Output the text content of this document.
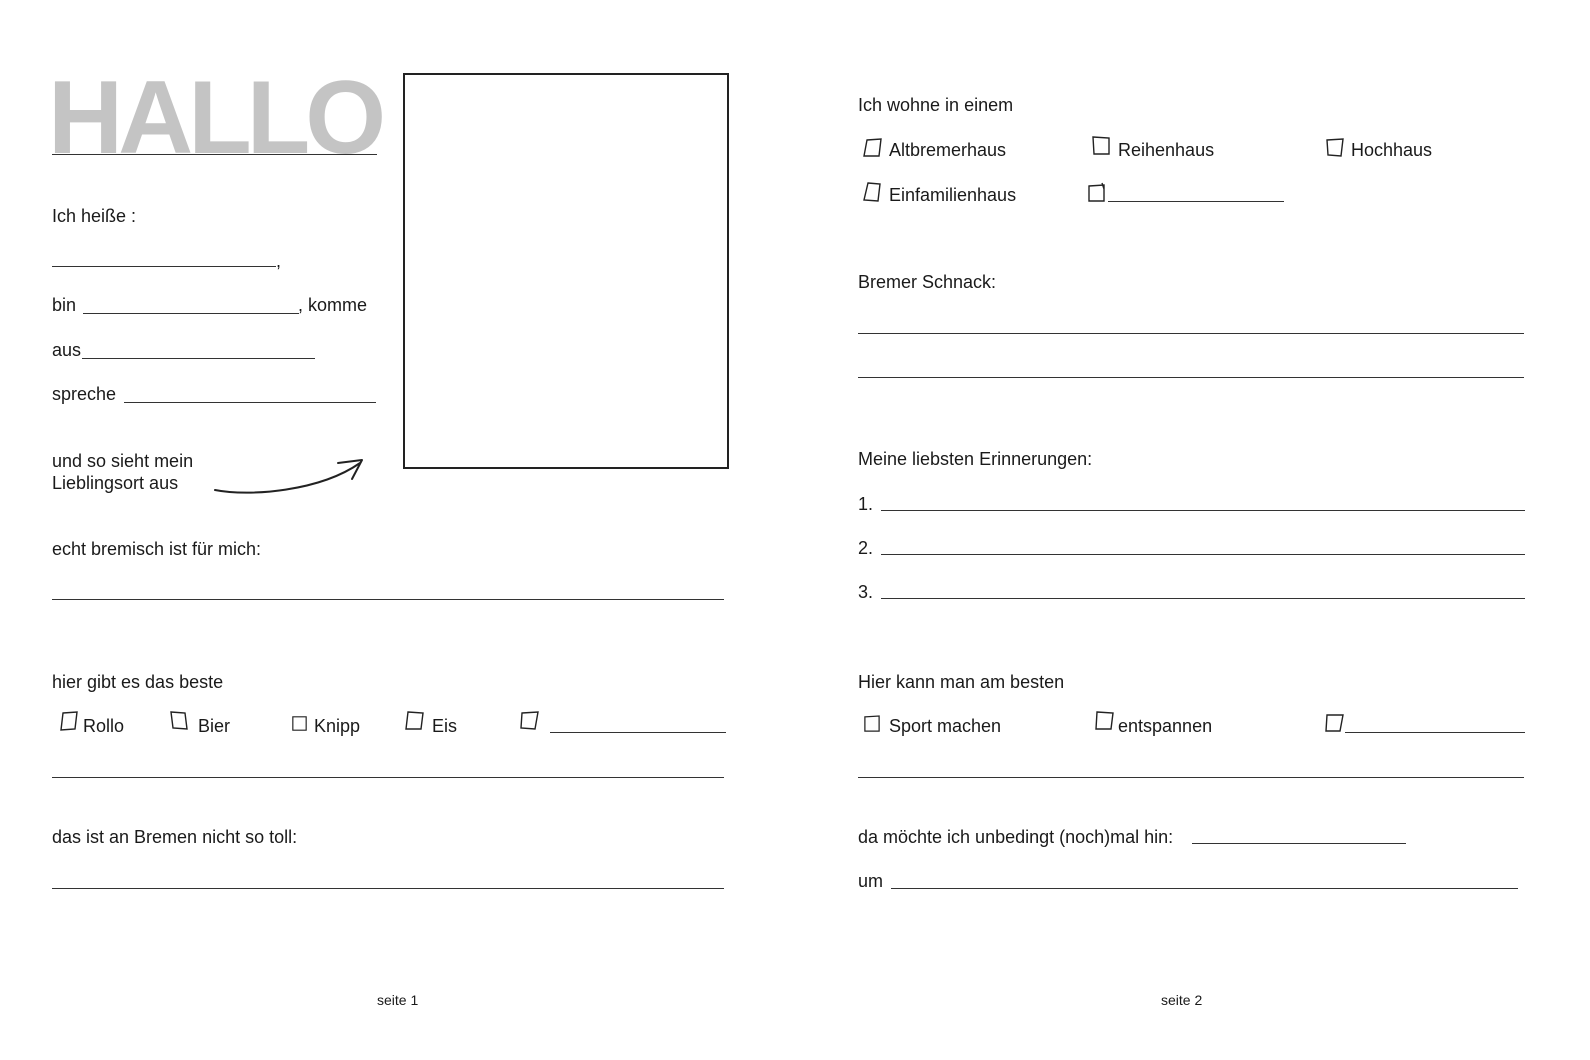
HALLO
Ich heiße :
,
bin	, komme
aus
spreche
und so sieht mein
Lieblingsort aus
echt bremisch ist für mich:
hier gibt es das beste
Rollo	Bier	Knipp	Eis
das ist an Bremen nicht so toll:
seite 1
Ich wohne in einem
Altbremerhaus	Reihenhaus	Hochhaus
Einfamilienhaus
Bremer Schnack:
Meine liebsten Erinnerungen:
1.
2.
3.
Hier kann man am besten
Sport machen	entspannen
da möchte ich unbedingt (noch)mal hin:
um
seite 2
